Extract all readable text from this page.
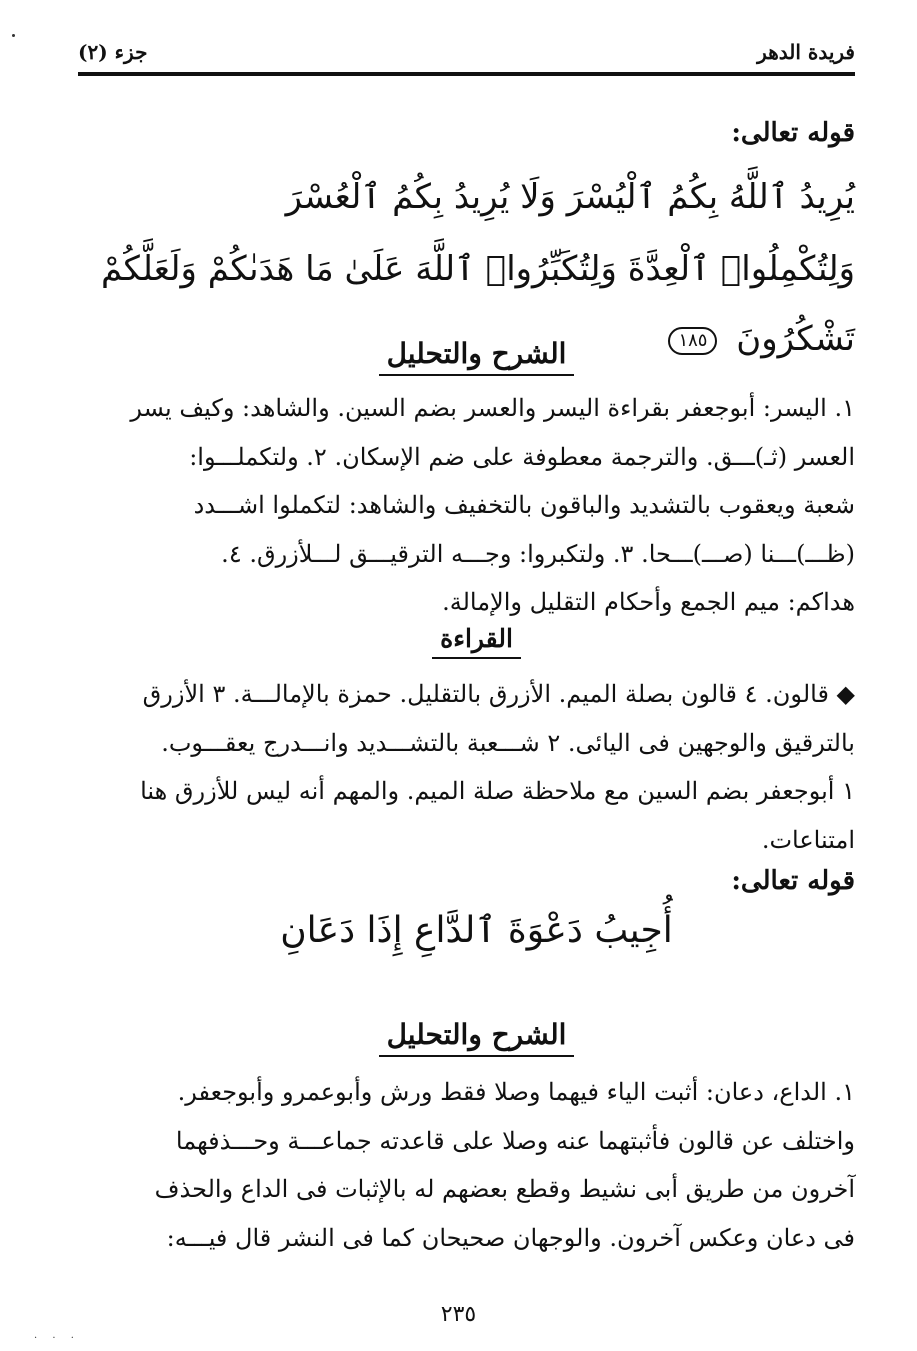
فريدة الدهر
جزء (٢)
قوله تعالى:
يُرِيدُ ٱللَّهُ بِكُمُ ٱلْيُسْرَ وَلَا يُرِيدُ بِكُمُ ٱلْعُسْرَ
وَلِتُكْمِلُوا۟ ٱلْعِدَّةَ وَلِتُكَبِّرُوا۟ ٱللَّهَ عَلَىٰ مَا هَدَىٰكُمْ وَلَعَلَّكُمْ تَشْكُرُونَ ١٨٥
الشرح والتحليل
١. اليسر: أبوجعفر بقراءة اليسر والعسر بضم السين. والشاهد: وكيف يسر
العسر (ثـ)ـــق. والترجمة معطوفة على ضم الإسكان. ٢. ولتكملـــوا:
شعبة ويعقوب بالتشديد والباقون بالتخفيف والشاهد: لتكملوا اشـــدد
(ظـــ)ـــنا (صـــ)ـــحا. ٣. ولتكبروا: وجـــه الترقيـــق لـــلأزرق. ٤.
هداكم: ميم الجمع وأحكام التقليل والإمالة.
القراءة
◆ قالون. ٤ قالون بصلة الميم. الأزرق بالتقليل. حمزة بالإمالـــة. ٣ الأزرق
بالترقيق والوجهين فى اليائى. ٢ شـــعبة بالتشـــديد وانـــدرج يعقـــوب.
١ أبوجعفر بضم السين مع ملاحظة صلة الميم. والمهم أنه ليس للأزرق هنا
امتناعات.
قوله تعالى:
أُجِيبُ دَعْوَةَ ٱلدَّاعِ إِذَا دَعَانِ
الشرح والتحليل
١. الداع، دعان: أثبت الياء فيهما وصلا فقط ورش وأبوعمرو وأبوجعفر.
واختلف عن قالون فأثبتهما عنه وصلا على قاعدته جماعـــة وحـــذفهما
آخرون من طريق أبى نشيط وقطع بعضهم له بالإثبات فى الداع والحذف
فى دعان وعكس آخرون. والوجهان صحيحان كما فى النشر قال فيـــه:
٢٣٥
· · ·
